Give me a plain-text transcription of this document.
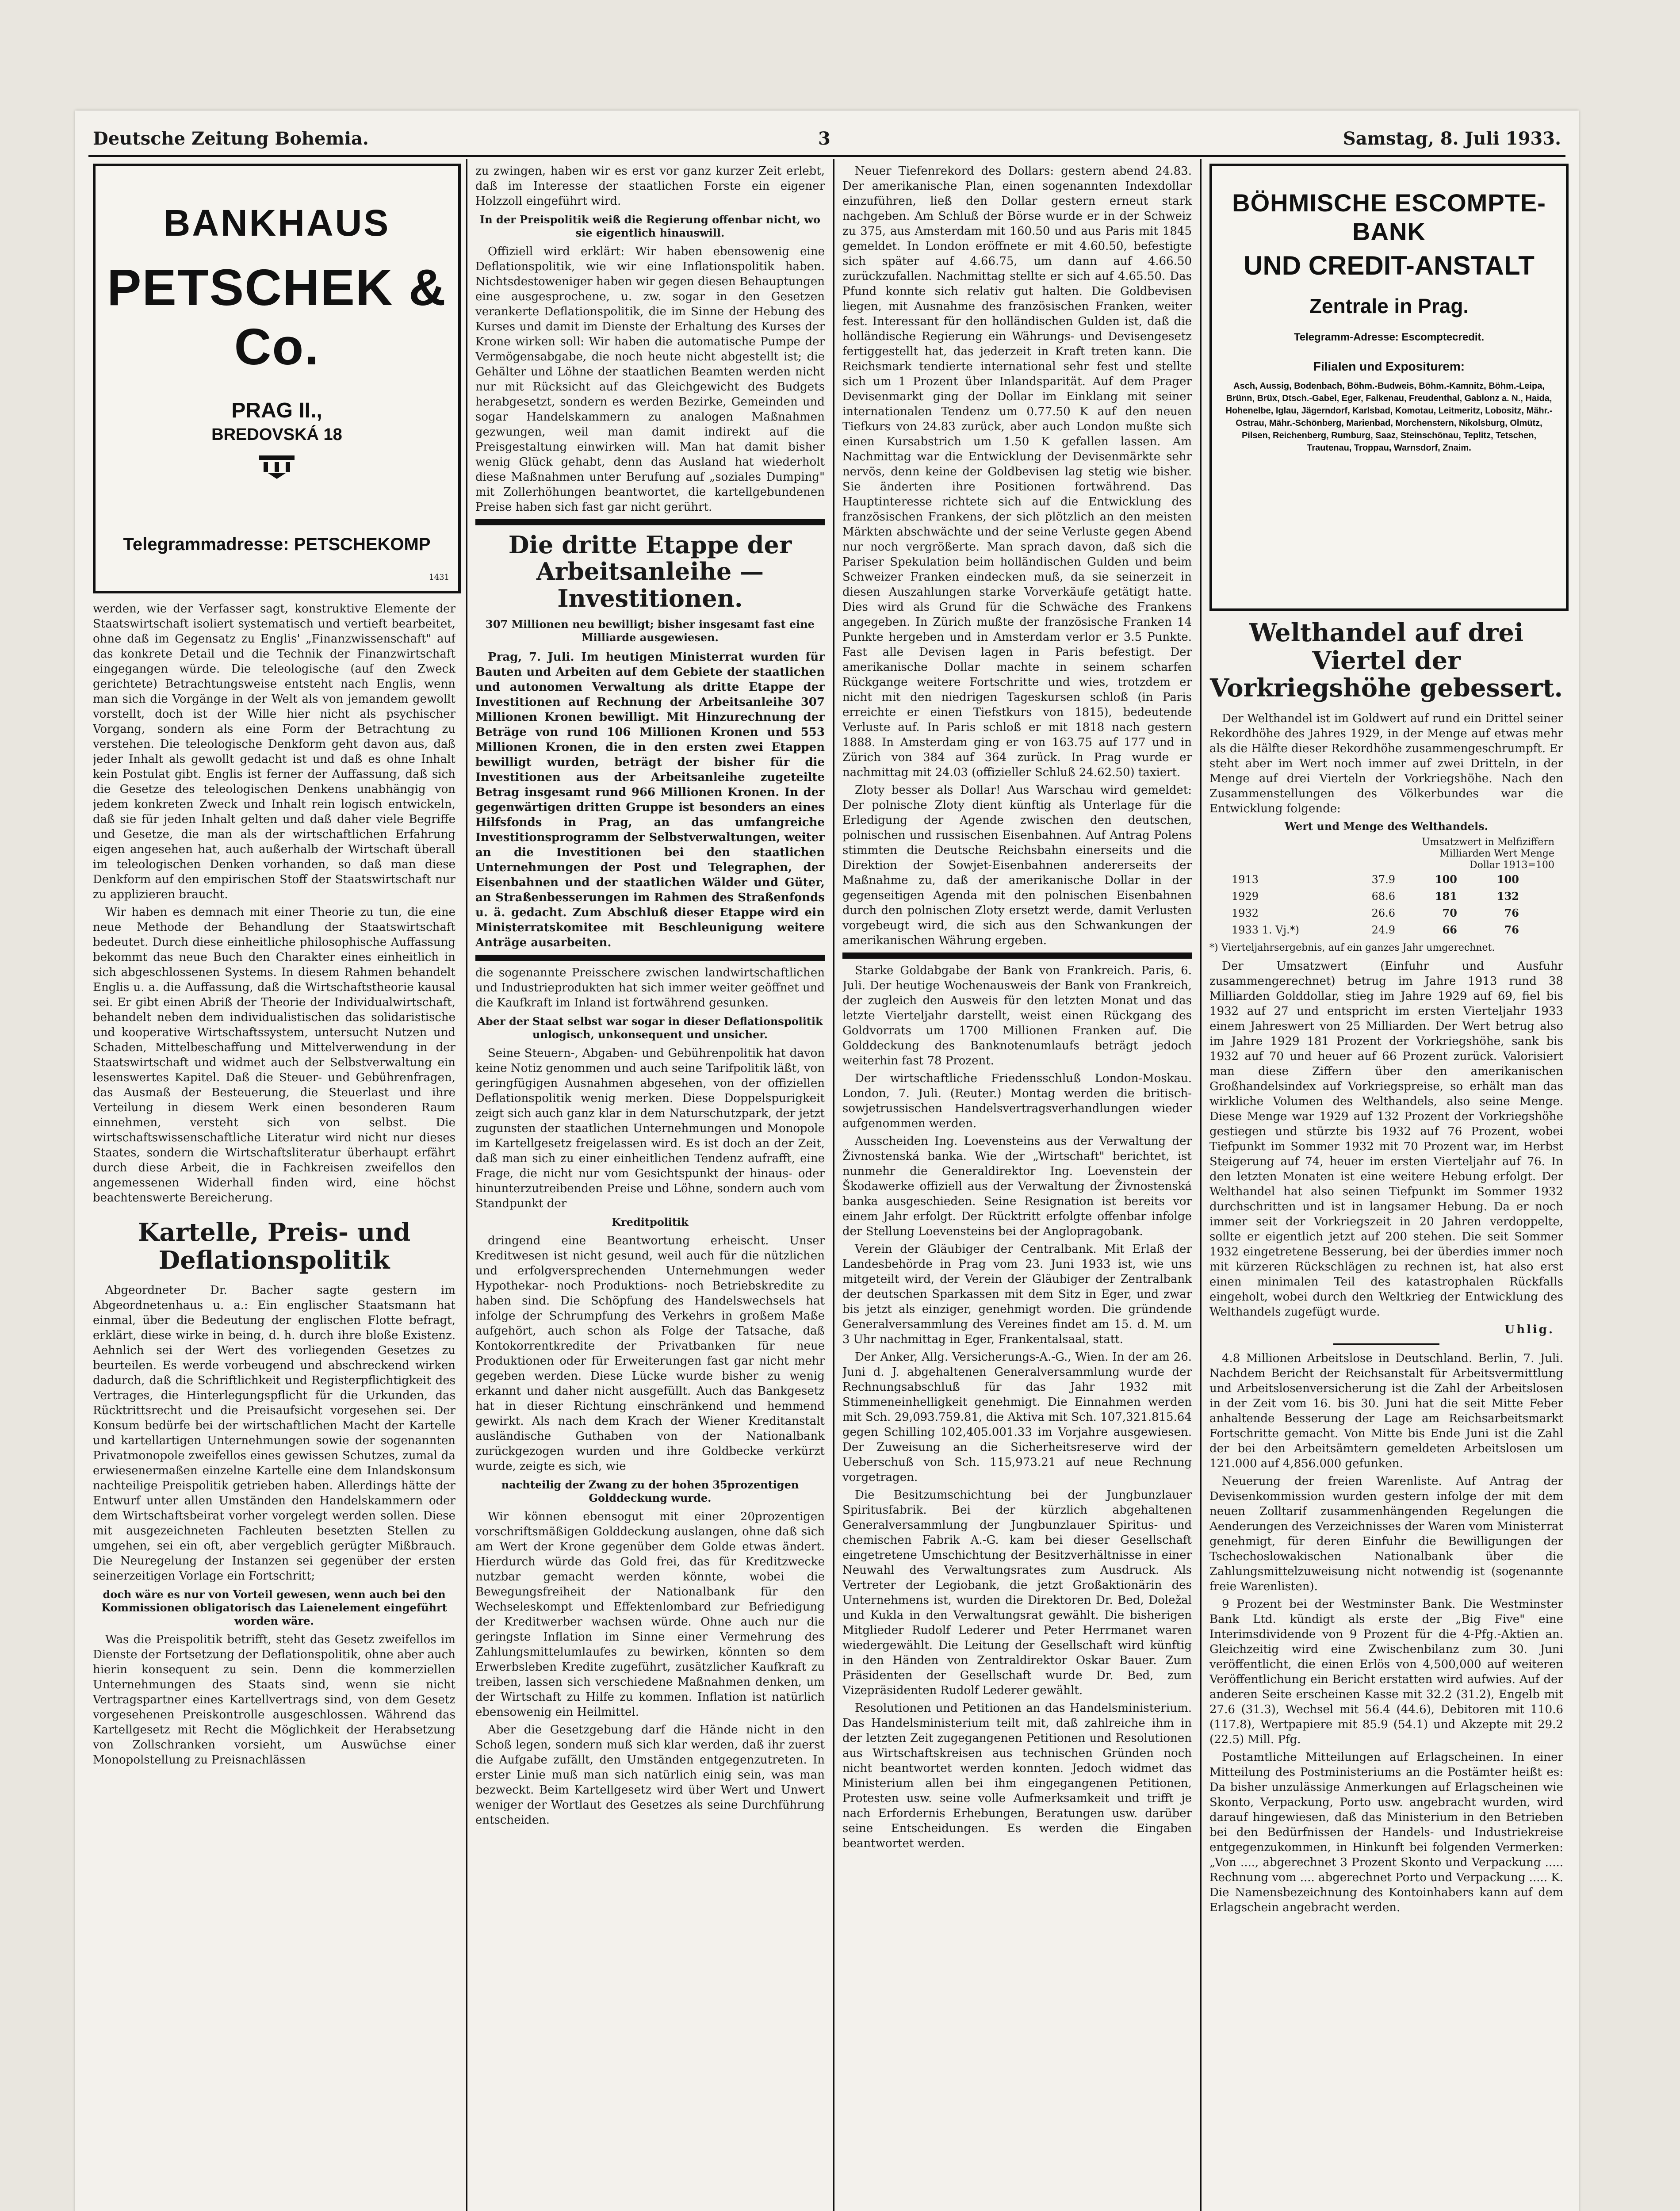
Deutsche Zeitung Bohemia.	3	Samstag, 8. Juli 1933.
BANKHAUS
PETSCHEK & Co.
PRAG II.,
BREDOVSKÁ 18
Telegrammadresse: PETSCHEKOMP
1431

werden, wie der Verfasser sagt, konstruktive Elemente der Staatswirtschaft isoliert systematisch und vertieft bearbeitet, ohne daß im Gegensatz zu Englis' „Finanzwissenschaft" auf das konkrete Detail und die Technik der Finanzwirtschaft eingegangen würde. Die teleologische (auf den Zweck gerichtete) Betrachtungsweise entsteht nach Englis, wenn man sich die Vorgänge in der Welt als von jemandem gewollt vorstellt, doch ist der Wille hier nicht als psychischer Vorgang, sondern als eine Form der Betrachtung zu verstehen. Die teleologische Denkform geht davon aus, daß jeder Inhalt als gewollt gedacht ist und daß es ohne Inhalt kein Postulat gibt. Englis ist ferner der Auffassung, daß sich die Gesetze des teleologischen Denkens unabhängig von jedem konkreten Zweck und Inhalt rein logisch entwickeln, daß sie für jeden Inhalt gelten und daß daher viele Begriffe und Gesetze, die man als der wirtschaftlichen Erfahrung eigen angesehen hat, auch außerhalb der Wirtschaft überall im teleologischen Denken vorhanden, so daß man diese Denkform auf den empirischen Stoff der Staatswirtschaft nur zu applizieren braucht.

Wir haben es demnach mit einer Theorie zu tun, die eine neue Methode der Behandlung der Staatswirtschaft bedeutet. Durch diese einheitliche philosophische Auffassung bekommt das neue Buch den Charakter eines einheitlich in sich abgeschlossenen Systems. In diesem Rahmen behandelt Englis u. a. die Auffassung, daß die Wirtschaftstheorie kausal sei. Er gibt einen Abriß der Theorie der Individualwirtschaft, behandelt neben dem individualistischen das solidaristische und kooperative Wirtschaftssystem, untersucht Nutzen und Schaden, Mittelbeschaffung und Mittelverwendung in der Staatswirtschaft und widmet auch der Selbstverwaltung ein lesenswertes Kapitel. Daß die Steuer- und Gebührenfragen, das Ausmaß der Besteuerung, die Steuerlast und ihre Verteilung in diesem Werk einen besonderen Raum einnehmen, versteht sich von selbst. Die wirtschaftswissenschaftliche Literatur wird nicht nur dieses Staates, sondern die Wirtschaftsliteratur überhaupt erfährt durch diese Arbeit, die in Fachkreisen zweifellos den angemessenen Widerhall finden wird, eine höchst beachtenswerte Bereicherung.

Kartelle, Preis- und Deflationspolitik

Abgeordneter Dr. Bacher sagte gestern im Abgeordnetenhaus u. a.: Ein englischer Staatsmann hat einmal, über die Bedeutung der englischen Flotte befragt, erklärt, diese wirke in being, d. h. durch ihre bloße Existenz. Aehnlich sei der Wert des vorliegenden Gesetzes zu beurteilen. Es werde vorbeugend und abschreckend wirken dadurch, daß die Schriftlichkeit und Registerpflichtigkeit des Vertrages, die Hinterlegungspflicht für die Urkunden, das Rücktrittsrecht und die Preisaufsicht vorgesehen sei. Der Konsum bedürfe bei der wirtschaftlichen Macht der Kartelle und kartellartigen Unternehmungen sowie der sogenannten Privatmonopole zweifellos eines gewissen Schutzes, zumal da erwiesenermaßen einzelne Kartelle eine dem Inlandskonsum nachteilige Preispolitik getrieben haben. Allerdings hätte der Entwurf unter allen Umständen den Handelskammern oder dem Wirtschaftsbeirat vorher vorgelegt werden sollen. Diese mit ausgezeichneten Fachleuten besetzten Stellen zu umgehen, sei ein oft, aber vergeblich gerügter Mißbrauch. Die Neuregelung der Instanzen sei gegenüber der ersten seinerzeitigen Vorlage ein Fortschritt;

doch wäre es nur von Vorteil gewesen, wenn auch bei den Kommissionen obligatorisch das Laienelement eingeführt worden wäre.

Was die Preispolitik betrifft, steht das Gesetz zweifellos im Dienste der Fortsetzung der Deflationspolitik, ohne aber auch hierin konsequent zu sein. Denn die kommerziellen Unternehmungen des Staats sind, wenn sie nicht Vertragspartner eines Kartellvertrags sind, von dem Gesetz vorgesehenen Preiskontrolle ausgeschlossen. Während das Kartellgesetz mit Recht die Möglichkeit der Herabsetzung von Zollschranken vorsieht, um Auswüchse einer Monopolstellung zu Preisnachlässen

zu zwingen, haben wir es erst vor ganz kurzer Zeit erlebt, daß im Interesse der staatlichen Forste ein eigener Holzzoll eingeführt wird.

In der Preispolitik weiß die Regierung offenbar nicht, wo sie eigentlich hinauswill.

Offiziell wird erklärt: Wir haben ebensowenig eine Deflationspolitik, wie wir eine Inflationspolitik haben. Nichtsdestoweniger haben wir gegen diesen Behauptungen eine ausgesprochene, u. zw. sogar in den Gesetzen verankerte Deflationspolitik, die im Sinne der Hebung des Kurses und damit im Dienste der Erhaltung des Kurses der Krone wirken soll: Wir haben die automatische Pumpe der Vermögensabgabe, die noch heute nicht abgestellt ist; die Gehälter und Löhne der staatlichen Beamten werden nicht nur mit Rücksicht auf das Gleichgewicht des Budgets herabgesetzt, sondern es werden Bezirke, Gemeinden und sogar Handelskammern zu analogen Maßnahmen gezwungen, weil man damit indirekt auf die Preisgestaltung einwirken will. Man hat damit bisher wenig Glück gehabt, denn das Ausland hat wiederholt diese Maßnahmen unter Berufung auf „soziales Dumping" mit Zollerhöhungen beantwortet, die kartellgebundenen Preise haben sich fast gar nicht gerührt.

Die dritte Etappe der Arbeitsanleihe — Investitionen.
307 Millionen neu bewilligt; bisher insgesamt fast eine Milliarde ausgewiesen.

Prag, 7. Juli. Im heutigen Ministerrat wurden für Bauten und Arbeiten auf dem Gebiete der staatlichen und autonomen Verwaltung als dritte Etappe der Investitionen auf Rechnung der Arbeitsanleihe 307 Millionen Kronen bewilligt. Mit Hinzurechnung der Beträge von rund 106 Millionen Kronen und 553 Millionen Kronen, die in den ersten zwei Etappen bewilligt wurden, beträgt der bisher für die Investitionen aus der Arbeitsanleihe zugeteilte Betrag insgesamt rund 966 Millionen Kronen. In der gegenwärtigen dritten Gruppe ist besonders an eines Hilfsfonds in Prag, an das umfangreiche Investitionsprogramm der Selbstverwaltungen, weiter an die Investitionen bei den staatlichen Unternehmungen der Post und Telegraphen, der Eisenbahnen und der staatlichen Wälder und Güter, an Straßenbesserungen im Rahmen des Straßenfonds u. ä. gedacht. Zum Abschluß dieser Etappe wird ein Ministerratskomitee mit Beschleunigung weitere Anträge ausarbeiten.

die sogenannte Preisschere zwischen landwirtschaftlichen und Industrieprodukten hat sich immer weiter geöffnet und die Kaufkraft im Inland ist fortwährend gesunken.

Aber der Staat selbst war sogar in dieser Deflationspolitik unlogisch, unkonsequent und unsicher.

Seine Steuern-, Abgaben- und Gebührenpolitik hat davon keine Notiz genommen und auch seine Tarifpolitik läßt, von geringfügigen Ausnahmen abgesehen, von der offiziellen Deflationspolitik wenig merken. Diese Doppelspurigkeit zeigt sich auch ganz klar in dem Naturschutzpark, der jetzt zugunsten der staatlichen Unternehmungen und Monopole im Kartellgesetz freigelassen wird. Es ist doch an der Zeit, daß man sich zu einer einheitlichen Tendenz aufrafft, eine Frage, die nicht nur vom Gesichtspunkt der hinaus- oder hinunterzutreibenden Preise und Löhne, sondern auch vom Standpunkt der

Kreditpolitik

dringend eine Beantwortung erheischt. Unser Kreditwesen ist nicht gesund, weil auch für die nützlichen und erfolgversprechenden Unternehmungen weder Hypothekar- noch Produktions- noch Betriebskredite zu haben sind. Die Schöpfung des Handelswechsels hat infolge der Schrumpfung des Verkehrs in großem Maße aufgehört, auch schon als Folge der Tatsache, daß Kontokorrentkredite der Privatbanken für neue Produktionen oder für Erweiterungen fast gar nicht mehr gegeben werden. Diese Lücke wurde bisher zu wenig erkannt und daher nicht ausgefüllt. Auch das Bankgesetz hat in dieser Richtung einschränkend und hemmend gewirkt. Als nach dem Krach der Wiener Kreditanstalt ausländische Guthaben von der Nationalbank zurückgezogen wurden und ihre Goldbecke verkürzt wurde, zeigte es sich, wie

nachteilig der Zwang zu der hohen 35prozentigen Golddeckung wurde.

Wir können ebensogut mit einer 20prozentigen vorschriftsmäßigen Golddeckung auslangen, ohne daß sich am Wert der Krone gegenüber dem Golde etwas ändert. Hierdurch würde das Gold frei, das für Kreditzwecke nutzbar gemacht werden könnte, wobei die Bewegungsfreiheit der Nationalbank für den Wechseleskompt und Effektenlombard zur Befriedigung der Kreditwerber wachsen würde. Ohne auch nur die geringste Inflation im Sinne einer Vermehrung des Zahlungsmittelumlaufes zu bewirken, könnten so dem Erwerbsleben Kredite zugeführt, zusätzlicher Kaufkraft zu treiben, lassen sich verschiedene Maßnahmen denken, um der Wirtschaft zu Hilfe zu kommen. Inflation ist natürlich ebensowenig ein Heilmittel.

Aber die Gesetzgebung darf die Hände nicht in den Schoß legen, sondern muß sich klar werden, daß ihr zuerst die Aufgabe zufällt, den Umständen entgegenzutreten. In erster Linie muß man sich natürlich einig sein, was man bezweckt. Beim Kartellgesetz wird über Wert und Unwert weniger der Wortlaut des Gesetzes als seine Durchführung entscheiden.

Neuer Tiefenrekord des Dollars: gestern abend 24.83. Der amerikanische Plan, einen sogenannten Indexdollar einzuführen, ließ den Dollar gestern erneut stark nachgeben. Am Schluß der Börse wurde er in der Schweiz zu 375, aus Amsterdam mit 160.50 und aus Paris mit 1845 gemeldet. In London eröffnete er mit 4.60.50, befestigte sich später auf 4.66.75, um dann auf 4.66.50 zurückzufallen. Nachmittag stellte er sich auf 4.65.50. Das Pfund konnte sich relativ gut halten. Die Goldbevisen liegen, mit Ausnahme des französischen Franken, weiter fest. Interessant für den holländischen Gulden ist, daß die holländische Regierung ein Währungs- und Devisengesetz fertiggestellt hat, das jederzeit in Kraft treten kann. Die Reichsmark tendierte international sehr fest und stellte sich um 1 Prozent über Inlandsparität. Auf dem Prager Devisenmarkt ging der Dollar im Einklang mit seiner internationalen Tendenz um 0.77.50 K auf den neuen Tiefkurs von 24.83 zurück, aber auch London mußte sich einen Kursabstrich um 1.50 K gefallen lassen. Am Nachmittag war die Entwicklung der Devisenmärkte sehr nervös, denn keine der Goldbevisen lag stetig wie bisher. Sie änderten ihre Positionen fortwährend. Das Hauptinteresse richtete sich auf die Entwicklung des französischen Frankens, der sich plötzlich an den meisten Märkten abschwächte und der seine Verluste gegen Abend nur noch vergrößerte. Man sprach davon, daß sich die Pariser Spekulation beim holländischen Gulden und beim Schweizer Franken eindecken muß, da sie seinerzeit in diesen Auszahlungen starke Vorverkäufe getätigt hatte. Dies wird als Grund für die Schwäche des Frankens angegeben. In Zürich mußte der französische Franken 14 Punkte hergeben und in Amsterdam verlor er 3.5 Punkte. Fast alle Devisen lagen in Paris befestigt. Der amerikanische Dollar machte in seinem scharfen Rückgange weitere Fortschritte und wies, trotzdem er nicht mit den niedrigen Tageskursen schloß (in Paris erreichte er einen Tiefstkurs von 1815), bedeutende Verluste auf. In Paris schloß er mit 1818 nach gestern 1888. In Amsterdam ging er von 163.75 auf 177 und in Zürich von 384 auf 364 zurück. In Prag wurde er nachmittag mit 24.03 (offizieller Schluß 24.62.50) taxiert.

Zloty besser als Dollar! Aus Warschau wird gemeldet: Der polnische Zloty dient künftig als Unterlage für die Erledigung der Agende zwischen den deutschen, polnischen und russischen Eisenbahnen. Auf Antrag Polens stimmten die Deutsche Reichsbahn einerseits und die Direktion der Sowjet-Eisenbahnen andererseits der Maßnahme zu, daß der amerikanische Dollar in der gegenseitigen Agenda mit den polnischen Eisenbahnen durch den polnischen Zloty ersetzt werde, damit Verlusten vorgebeugt wird, die sich aus den Schwankungen der amerikanischen Währung ergeben.

Starke Goldabgabe der Bank von Frankreich. Paris, 6. Juli. Der heutige Wochenausweis der Bank von Frankreich, der zugleich den Ausweis für den letzten Monat und das letzte Vierteljahr darstellt, weist einen Rückgang des Goldvorrats um 1700 Millionen Franken auf. Die Golddeckung des Banknotenumlaufs beträgt jedoch weiterhin fast 78 Prozent.

Der wirtschaftliche Friedensschluß London-Moskau. London, 7. Juli. (Reuter.) Montag werden die britisch-sowjetrussischen Handelsvertragsverhandlungen wieder aufgenommen werden.

Ausscheiden Ing. Loevensteins aus der Verwaltung der Živnostenská banka. Wie der „Wirtschaft" berichtet, ist nunmehr die Generaldirektor Ing. Loevenstein der Škodawerke offiziell aus der Verwaltung der Živnostenská banka ausgeschieden. Seine Resignation ist bereits vor einem Jahr erfolgt. Der Rücktritt erfolgte offenbar infolge der Stellung Loevensteins bei der Anglopragobank.

Verein der Gläubiger der Centralbank. Mit Erlaß der Landesbehörde in Prag vom 23. Juni 1933 ist, wie uns mitgeteilt wird, der Verein der Gläubiger der Zentralbank der deutschen Sparkassen mit dem Sitz in Eger, und zwar bis jetzt als einziger, genehmigt worden. Die gründende Generalversammlung des Vereines findet am 15. d. M. um 3 Uhr nachmittag in Eger, Frankentalsaal, statt.

Der Anker, Allg. Versicherungs-A.-G., Wien. In der am 26. Juni d. J. abgehaltenen Generalversammlung wurde der Rechnungsabschluß für das Jahr 1932 mit Stimmeneinhelligkeit genehmigt. Die Einnahmen werden mit Sch. 29,093.759.81, die Aktiva mit Sch. 107,321.815.64 gegen Schilling 102,405.001.33 im Vorjahre ausgewiesen. Der Zuweisung an die Sicherheitsreserve wird der Ueberschuß von Sch. 115,973.21 auf neue Rechnung vorgetragen.

Die Besitzumschichtung bei der Jungbunzlauer Spiritusfabrik. Bei der kürzlich abgehaltenen Generalversammlung der Jungbunzlauer Spiritus- und chemischen Fabrik A.-G. kam bei dieser Gesellschaft eingetretene Umschichtung der Besitzverhältnisse in einer Neuwahl des Verwaltungsrates zum Ausdruck. Als Vertreter der Legiobank, die jetzt Großaktionärin des Unternehmens ist, wurden die Direktoren Dr. Bed, Doležal und Kukla in den Verwaltungsrat gewählt. Die bisherigen Mitglieder Rudolf Lederer und Peter Herrmanet waren wiedergewählt. Die Leitung der Gesellschaft wird künftig in den Händen von Zentraldirektor Oskar Bauer. Zum Präsidenten der Gesellschaft wurde Dr. Bed, zum Vizepräsidenten Rudolf Lederer gewählt.

Resolutionen und Petitionen an das Handelsministerium. Das Handelsministerium teilt mit, daß zahlreiche ihm in der letzten Zeit zugegangenen Petitionen und Resolutionen aus Wirtschaftskreisen aus technischen Gründen noch nicht beantwortet werden konnten. Jedoch widmet das Ministerium allen bei ihm eingegangenen Petitionen, Protesten usw. seine volle Aufmerksamkeit und trifft je nach Erfordernis Erhebungen, Beratungen usw. darüber seine Entscheidungen. Es werden die Eingaben beantwortet werden.

BÖHMISCHE ESCOMPTE-BANK
UND CREDIT-ANSTALT
Zentrale in Prag.
Telegramm-Adresse: Escomptecredit.
Filialen und Expositurem:
Asch, Aussig, Bodenbach, Böhm.-Budweis, Böhm.-Kamnitz, Böhm.-Leipa, Brünn, Brüx, Dtsch.-Gabel, Eger, Falkenau, Freudenthal, Gablonz a. N., Haida, Hohenelbe, Iglau, Jägerndorf, Karlsbad, Komotau, Leitmeritz, Lobositz, Mähr.-Ostrau, Mähr.-Schönberg, Marienbad, Morchenstern, Nikolsburg, Olmütz, Pilsen, Reichenberg, Rumburg, Saaz, Steinschönau, Teplitz, Tetschen, Trautenau, Troppau, Warnsdorf, Znaim.
Welthandel auf drei Viertel der Vorkriegshöhe gebessert.

Der Welthandel ist im Goldwert auf rund ein Drittel seiner Rekordhöhe des Jahres 1929, in der Menge auf etwas mehr als die Hälfte dieser Rekordhöhe zusammengeschrumpft. Er steht aber im Wert noch immer auf zwei Dritteln, in der Menge auf drei Vierteln der Vorkriegshöhe. Nach den Zusammenstellungen des Völkerbundes war die Entwicklung folgende:

Wert und Menge des Welthandels.
Umsatzwert in Melfiziffern
Milliarden Wert Menge
Dollar 1913=100
1913	37.9	100	100
1929	68.6	181	132
1932	26.6	70	76
1933 1. Vj.*)	24.9	66	76
*) Vierteljahrsergebnis, auf ein ganzes Jahr umgerechnet.

Der Umsatzwert (Einfuhr und Ausfuhr zusammengerechnet) betrug im Jahre 1913 rund 38 Milliarden Golddollar, stieg im Jahre 1929 auf 69, fiel bis 1932 auf 27 und entspricht im ersten Vierteljahr 1933 einem Jahreswert von 25 Milliarden. Der Wert betrug also im Jahre 1929 181 Prozent der Vorkriegshöhe, sank bis 1932 auf 70 und heuer auf 66 Prozent zurück. Valorisiert man diese Ziffern über den amerikanischen Großhandelsindex auf Vorkriegspreise, so erhält man das wirkliche Volumen des Welthandels, also seine Menge. Diese Menge war 1929 auf 132 Prozent der Vorkriegshöhe gestiegen und stürzte bis 1932 auf 76 Prozent, wobei Tiefpunkt im Sommer 1932 mit 70 Prozent war, im Herbst Steigerung auf 74, heuer im ersten Vierteljahr auf 76. In den letzten Monaten ist eine weitere Hebung erfolgt. Der Welthandel hat also seinen Tiefpunkt im Sommer 1932 durchschritten und ist in langsamer Hebung. Da er noch immer seit der Vorkriegszeit in 20 Jahren verdoppelte, sollte er eigentlich jetzt auf 200 stehen. Die seit Sommer 1932 eingetretene Besserung, bei der überdies immer noch mit kürzeren Rückschlägen zu rechnen ist, hat also erst einen minimalen Teil des katastrophalen Rückfalls eingeholt, wobei durch den Weltkrieg der Entwicklung des Welthandels zugefügt wurde.

Uhlig.

4.8 Millionen Arbeitslose in Deutschland. Berlin, 7. Juli. Nachdem Bericht der Reichsanstalt für Arbeitsvermittlung und Arbeitslosenversicherung ist die Zahl der Arbeitslosen in der Zeit vom 16. bis 30. Juni hat die seit Mitte Feber anhaltende Besserung der Lage am Reichsarbeitsmarkt Fortschritte gemacht. Von Mitte bis Ende Juni ist die Zahl der bei den Arbeitsämtern gemeldeten Arbeitslosen um 121.000 auf 4,856.000 gefunken.

Neuerung der freien Warenliste. Auf Antrag der Devisenkommission wurden gestern infolge der mit dem neuen Zolltarif zusammenhängenden Regelungen die Aenderungen des Verzeichnisses der Waren vom Ministerrat genehmigt, für deren Einfuhr die Bewilligungen der Tschechoslowakischen Nationalbank über die Zahlungsmittelzuweisung nicht notwendig ist (sogenannte freie Warenlisten).

9 Prozent bei der Westminster Bank. Die Westminster Bank Ltd. kündigt als erste der „Big Five" eine Interimsdividende von 9 Prozent für die 4-Pfg.-Aktien an. Gleichzeitig wird eine Zwischenbilanz zum 30. Juni veröffentlicht, die einen Erlös von 4,500,000 auf weiteren Veröffentlichung ein Bericht erstatten wird aufwies. Auf der anderen Seite erscheinen Kasse mit 32.2 (31.2), Engelb mit 27.6 (31.3), Wechsel mit 56.4 (44.6), Debitoren mit 110.6 (117.8), Wertpapiere mit 85.9 (54.1) und Akzepte mit 29.2 (22.5) Mill. Pfg.

Postamtliche Mitteilungen auf Erlagscheinen. In einer Mitteilung des Postministeriums an die Postämter heißt es: Da bisher unzulässige Anmerkungen auf Erlagscheinen wie Skonto, Verpackung, Porto usw. angebracht wurden, wird darauf hingewiesen, daß das Ministerium in den Betrieben bei den Bedürfnissen der Handels- und Industriekreise entgegenzukommen, in Hinkunft bei folgenden Vermerken: „Von ...., abgerechnet 3 Prozent Skonto und Verpackung ..... Rechnung vom .... abgerechnet Porto und Verpackung ..... K. Die Namensbezeichnung des Kontoinhabers kann auf dem Erlagschein angebracht werden.
